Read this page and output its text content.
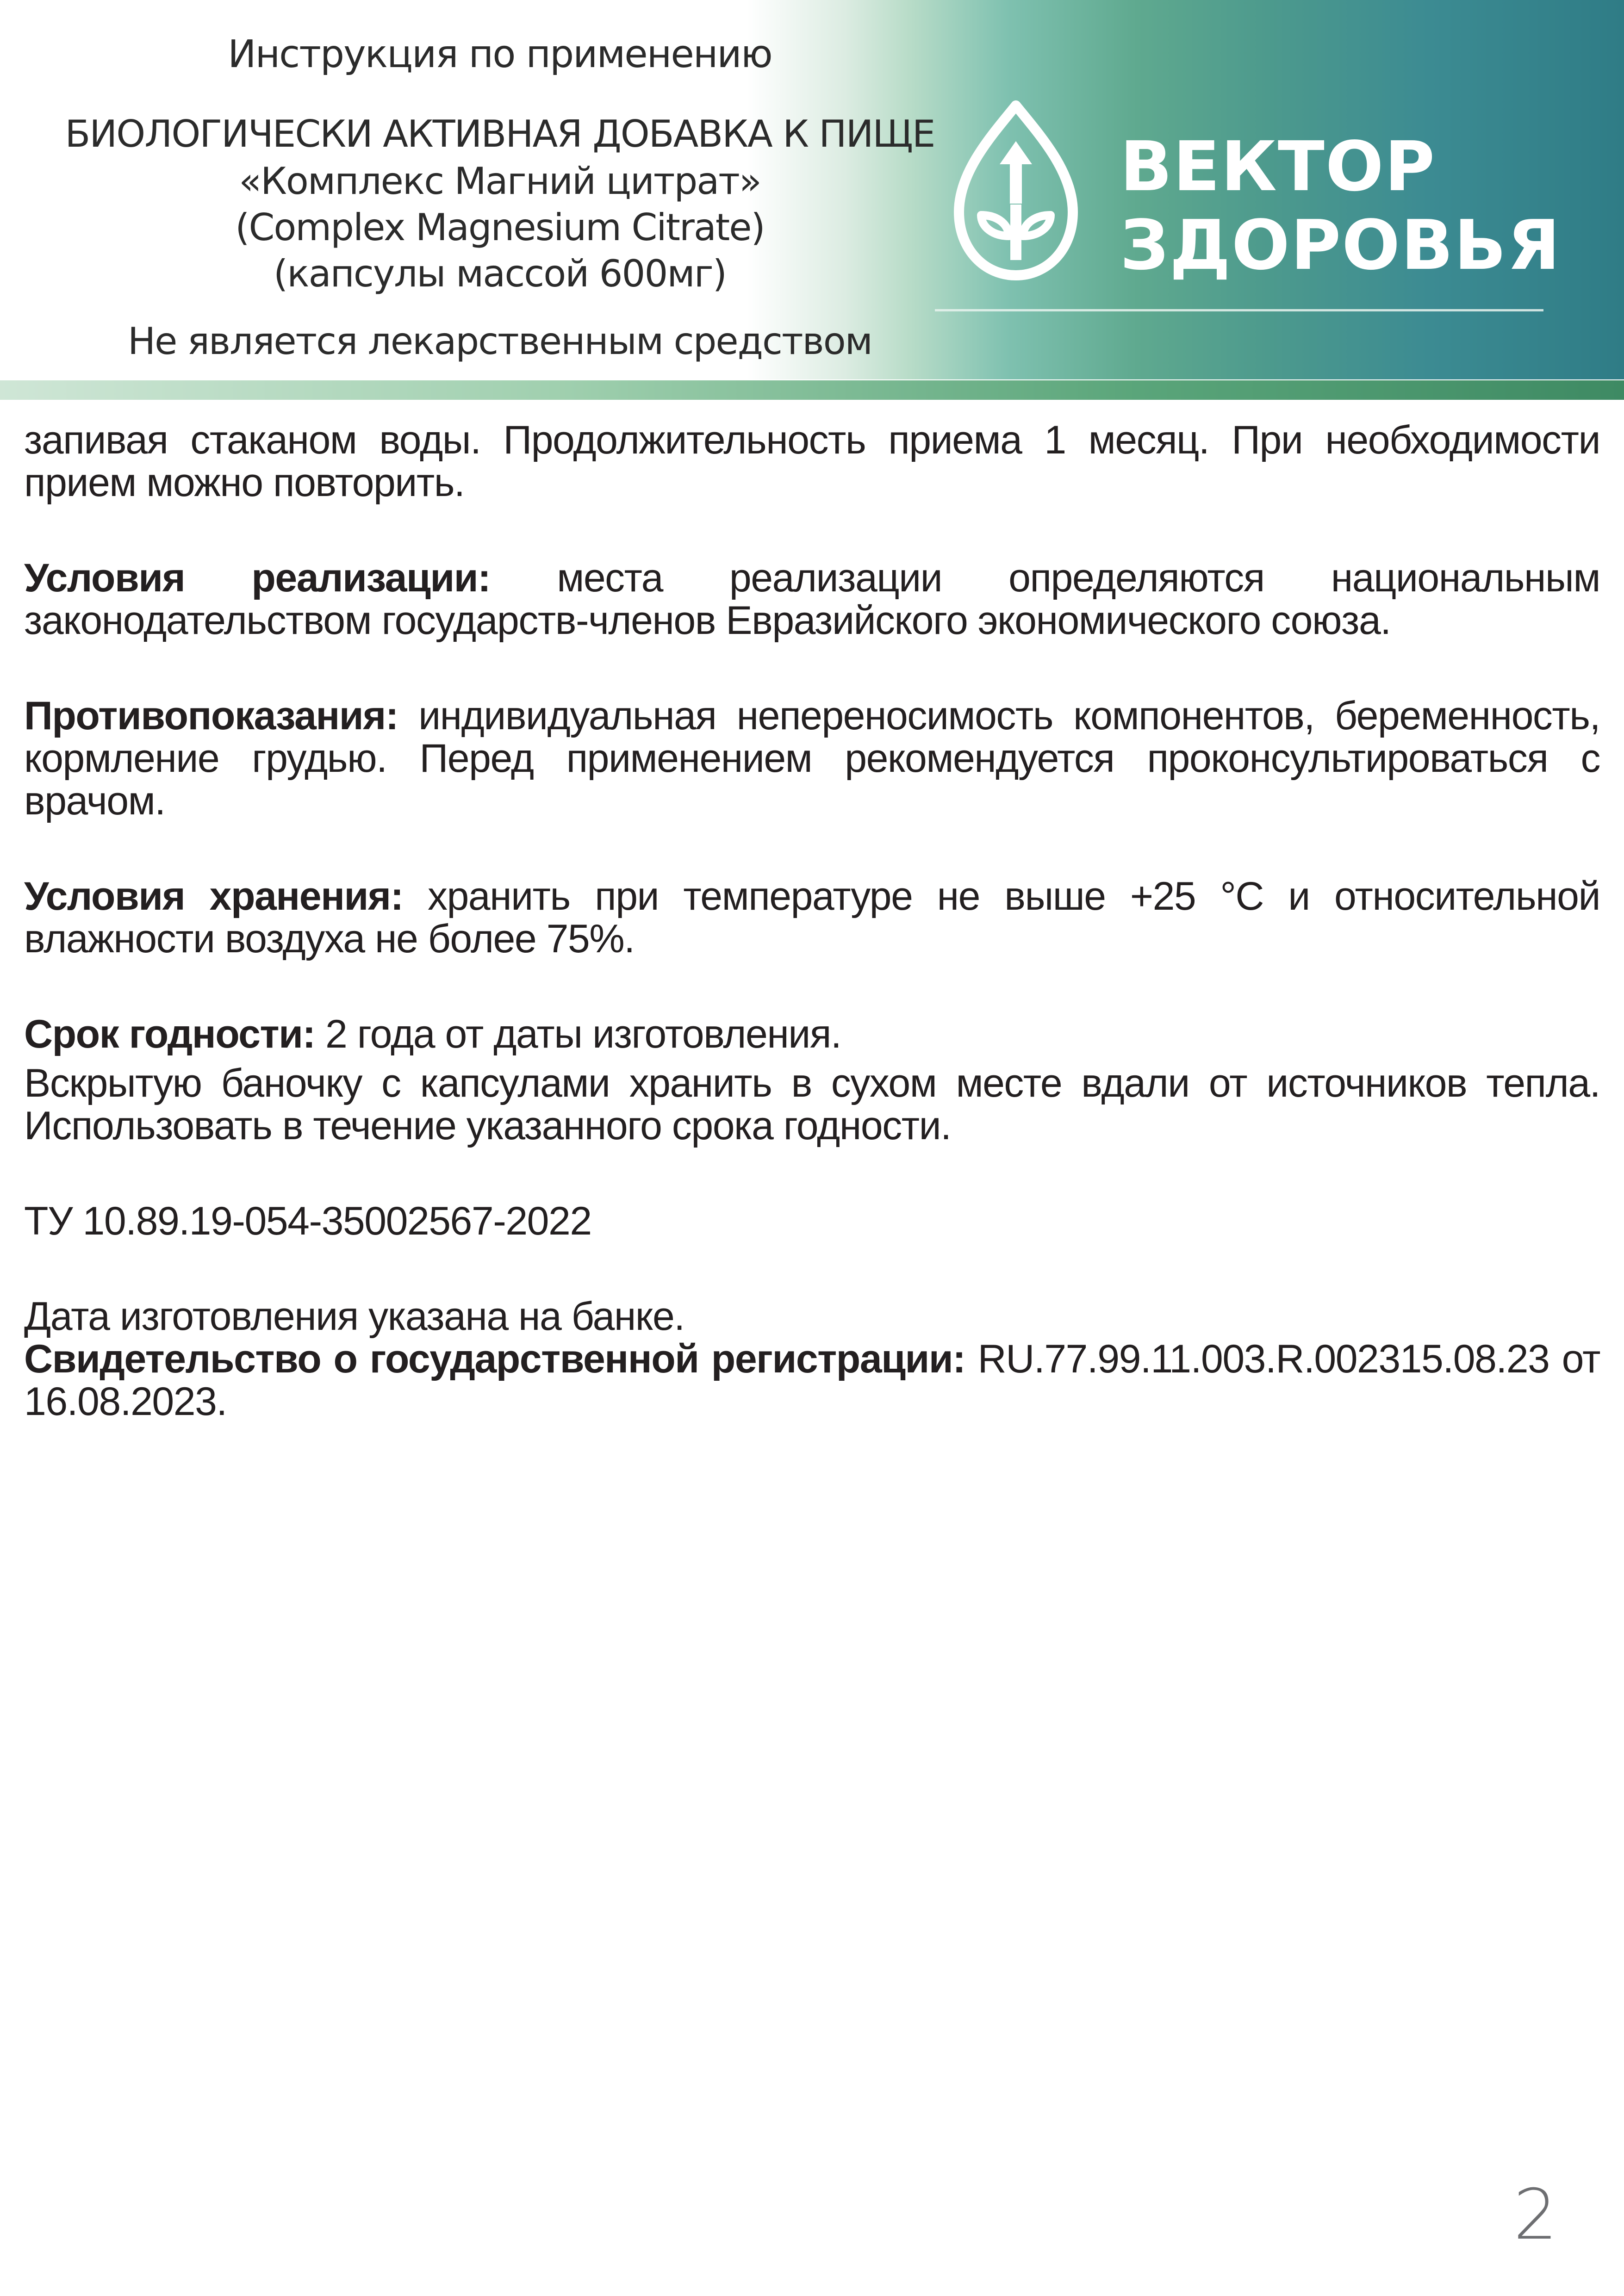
Инструкция по применению
БИОЛОГИЧЕСКИ АКТИВНАЯ ДОБАВКА К ПИЩЕ
«Комплекс Магний цитрат»
(Complex Magnesium Citrate)
(капсулы массой 600мг)
Не является лекарственным средством
ВЕКТОР
ЗДОРОВЬЯ

запивая стаканом воды. Продолжительность приема 1 месяц. При необходимости прием можно повторить.

Условия реализации: места реализации определяются национальным законодательством государств-членов Евразийского экономического союза.

Противопоказания: индивидуальная непереносимость компонентов, беременность, кормление грудью. Перед применением рекомендуется проконсультироваться с врачом.

Условия хранения: хранить при температуре не выше +25 °С и относительной влажности воздуха не более 75%.

Срок годности: 2 года от даты изготовления.

Вскрытую баночку с капсулами хранить в сухом месте вдали от источников тепла. Использовать в течение указанного срока годности.

ТУ 10.89.19-054-35002567-2022

Дата изготовления указана на банке.

Свидетельство о государственной регистрации: RU.77.99.11.003.R.002315.08.23 от 16.08.2023.

2
